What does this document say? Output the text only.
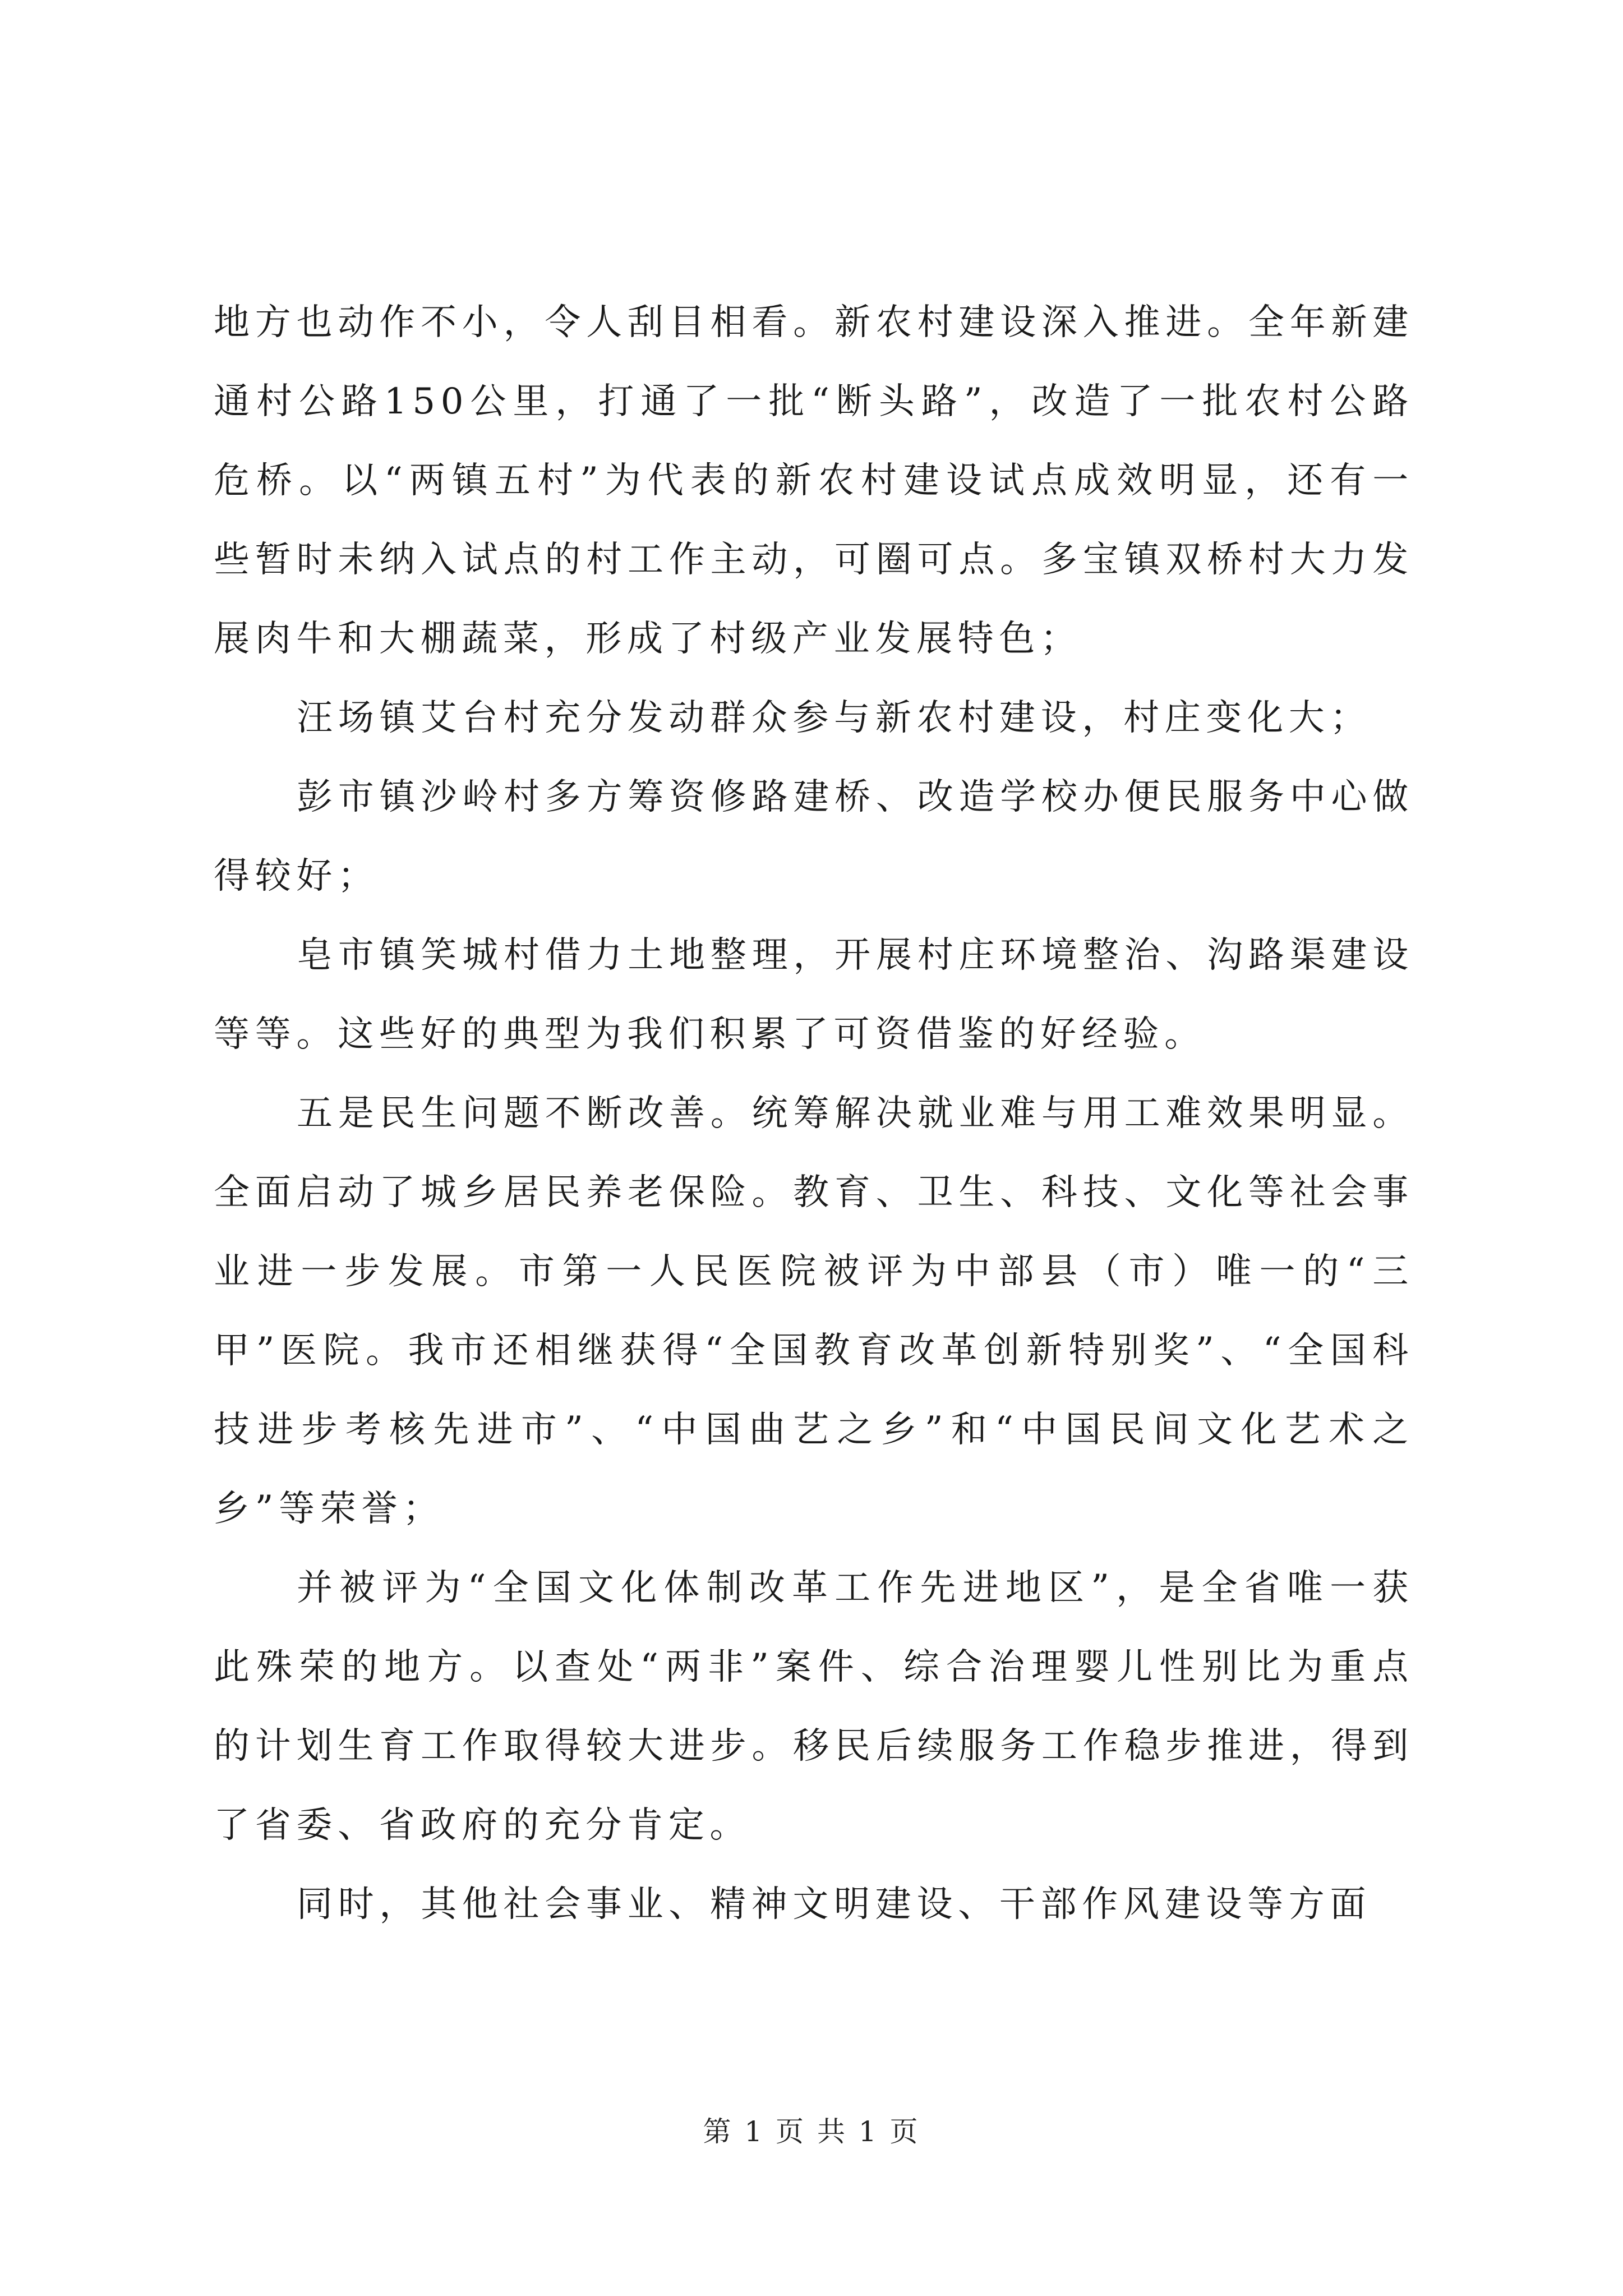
地方也动作不小，令人刮目相看。新农村建设深入推进。全年新建通村公路150公里，打通了一批“断头路”，改造了一批农村公路危桥。以“两镇五村”为代表的新农村建设试点成效明显，还有一些暂时未纳入试点的村工作主动，可圈可点。多宝镇双桥村大力发展肉牛和大棚蔬菜，形成了村级产业发展特色；

汪场镇艾台村充分发动群众参与新农村建设，村庄变化大；

彭市镇沙岭村多方筹资修路建桥、改造学校办便民服务中心做得较好；

皂市镇笑城村借力土地整理，开展村庄环境整治、沟路渠建设等等。这些好的典型为我们积累了可资借鉴的好经验。

五是民生问题不断改善。统筹解决就业难与用工难效果明显。全面启动了城乡居民养老保险。教育、卫生、科技、文化等社会事业进一步发展。市第一人民医院被评为中部县（市）唯一的“三甲”医院。我市还相继获得“全国教育改革创新特别奖”、“全国科技进步考核先进市”、“中国曲艺之乡”和“中国民间文化艺术之乡”等荣誉；

并被评为“全国文化体制改革工作先进地区”，是全省唯一获此殊荣的地方。以查处“两非”案件、综合治理婴儿性别比为重点的计划生育工作取得较大进步。移民后续服务工作稳步推进，得到了省委、省政府的充分肯定。

同时，其他社会事业、精神文明建设、干部作风建设等方面

第 1 页 共 1 页
